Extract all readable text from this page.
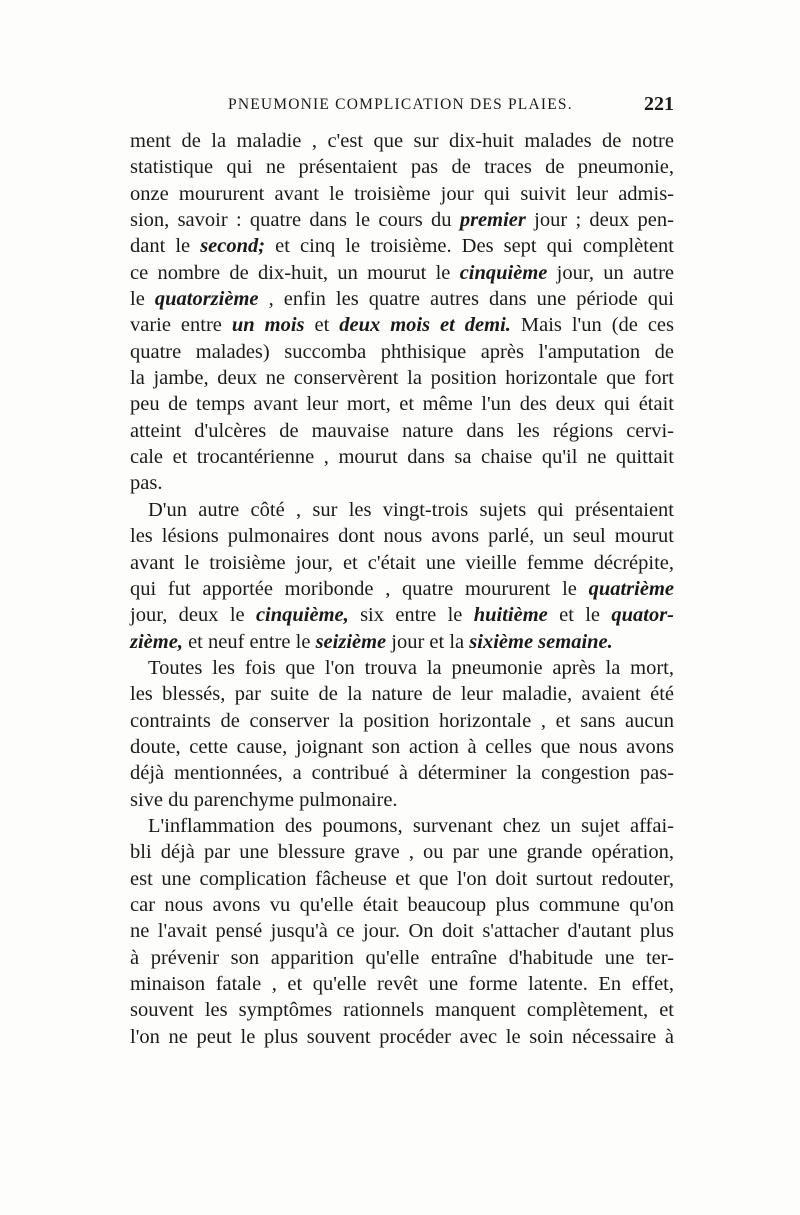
PNEUMONIE COMPLICATION DES PLAIES.	221
ment de la maladie , c'est que sur dix-huit malades de notre
statistique qui ne présentaient pas de traces de pneumonie,
onze moururent avant le troisième jour qui suivit leur admis-
sion, savoir : quatre dans le cours du premier jour ; deux pen-
dant le second; et cinq le troisième. Des sept qui complètent
ce nombre de dix-huit, un mourut le cinquième jour, un autre
le quatorzième , enfin les quatre autres dans une période qui
varie entre un mois et deux mois et demi. Mais l'un (de ces
quatre malades) succomba phthisique après l'amputation de
la jambe, deux ne conservèrent la position horizontale que fort
peu de temps avant leur mort, et même l'un des deux qui était
atteint d'ulcères de mauvaise nature dans les régions cervi-
cale et trocantérienne , mourut dans sa chaise qu'il ne quittait
pas.
D'un autre côté , sur les vingt-trois sujets qui présentaient
les lésions pulmonaires dont nous avons parlé, un seul mourut
avant le troisième jour, et c'était une vieille femme décrépite,
qui fut apportée moribonde , quatre moururent le quatrième
jour, deux le cinquième, six entre le huitième et le quator-
zième, et neuf entre le seizième jour et la sixième semaine.
Toutes les fois que l'on trouva la pneumonie après la mort,
les blessés, par suite de la nature de leur maladie, avaient été
contraints de conserver la position horizontale , et sans aucun
doute, cette cause, joignant son action à celles que nous avons
déjà mentionnées, a contribué à déterminer la congestion pas-
sive du parenchyme pulmonaire.
L'inflammation des poumons, survenant chez un sujet affai-
bli déjà par une blessure grave , ou par une grande opération,
est une complication fâcheuse et que l'on doit surtout redouter,
car nous avons vu qu'elle était beaucoup plus commune qu'on
ne l'avait pensé jusqu'à ce jour. On doit s'attacher d'autant plus
à prévenir son apparition qu'elle entraîne d'habitude une ter-
minaison fatale , et qu'elle revêt une forme latente. En effet,
souvent les symptômes rationnels manquent complètement, et
l'on ne peut le plus souvent procéder avec le soin nécessaire à
